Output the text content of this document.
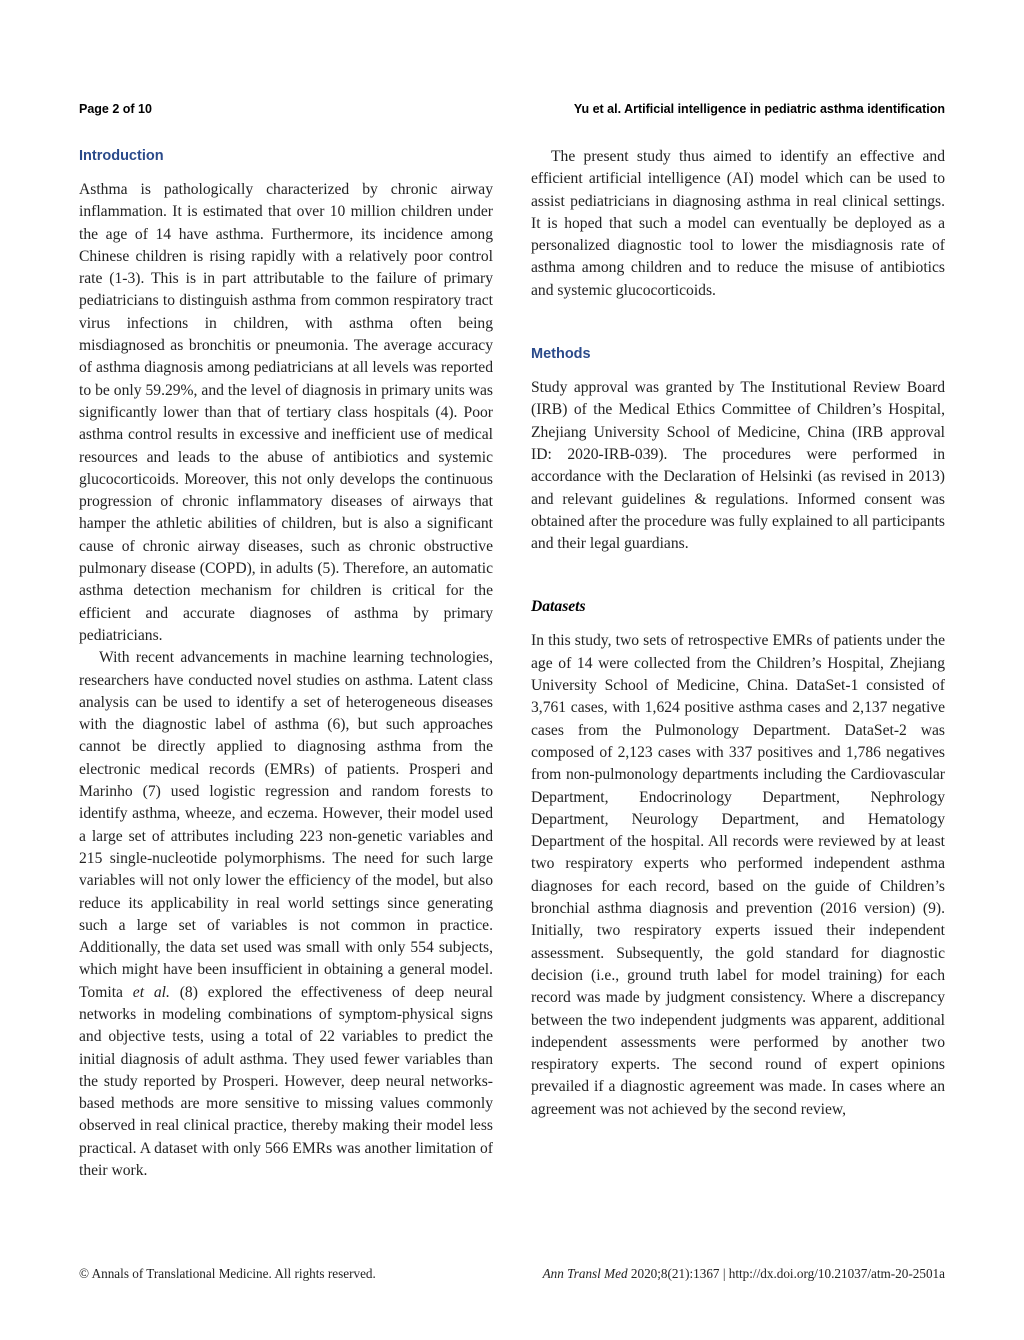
Page 2 of 10	Yu et al. Artificial intelligence in pediatric asthma identification
Introduction

Asthma is pathologically characterized by chronic airway inflammation. It is estimated that over 10 million children under the age of 14 have asthma. Furthermore, its incidence among Chinese children is rising rapidly with a relatively poor control rate (1-3). This is in part attributable to the failure of primary pediatricians to distinguish asthma from common respiratory tract virus infections in children, with asthma often being misdiagnosed as bronchitis or pneumonia. The average accuracy of asthma diagnosis among pediatricians at all levels was reported to be only 59.29%, and the level of diagnosis in primary units was significantly lower than that of tertiary class hospitals (4). Poor asthma control results in excessive and inefficient use of medical resources and leads to the abuse of antibiotics and systemic glucocorticoids. Moreover, this not only develops the continuous progression of chronic inflammatory diseases of airways that hamper the athletic abilities of children, but is also a significant cause of chronic airway diseases, such as chronic obstructive pulmonary disease (COPD), in adults (5). Therefore, an automatic asthma detection mechanism for children is critical for the efficient and accurate diagnoses of asthma by primary pediatricians.

With recent advancements in machine learning technologies, researchers have conducted novel studies on asthma. Latent class analysis can be used to identify a set of heterogeneous diseases with the diagnostic label of asthma (6), but such approaches cannot be directly applied to diagnosing asthma from the electronic medical records (EMRs) of patients. Prosperi and Marinho (7) used logistic regression and random forests to identify asthma, wheeze, and eczema. However, their model used a large set of attributes including 223 non-genetic variables and 215 single-nucleotide polymorphisms. The need for such large variables will not only lower the efficiency of the model, but also reduce its applicability in real world settings since generating such a large set of variables is not common in practice. Additionally, the data set used was small with only 554 subjects, which might have been insufficient in obtaining a general model. Tomita et al. (8) explored the effectiveness of deep neural networks in modeling combinations of symptom-physical signs and objective tests, using a total of 22 variables to predict the initial diagnosis of adult asthma. They used fewer variables than the study reported by Prosperi. However, deep neural networks-based methods are more sensitive to missing values commonly observed in real clinical practice, thereby making their model less practical. A dataset with only 566 EMRs was another limitation of their work.

The present study thus aimed to identify an effective and efficient artificial intelligence (AI) model which can be used to assist pediatricians in diagnosing asthma in real clinical settings. It is hoped that such a model can eventually be deployed as a personalized diagnostic tool to lower the misdiagnosis rate of asthma among children and to reduce the misuse of antibiotics and systemic glucocorticoids.

Methods

Study approval was granted by The Institutional Review Board (IRB) of the Medical Ethics Committee of Children’s Hospital, Zhejiang University School of Medicine, China (IRB approval ID: 2020-IRB-039). The procedures were performed in accordance with the Declaration of Helsinki (as revised in 2013) and relevant guidelines & regulations. Informed consent was obtained after the procedure was fully explained to all participants and their legal guardians.

Datasets

In this study, two sets of retrospective EMRs of patients under the age of 14 were collected from the Children’s Hospital, Zhejiang University School of Medicine, China. DataSet-1 consisted of 3,761 cases, with 1,624 positive asthma cases and 2,137 negative cases from the Pulmonology Department. DataSet-2 was composed of 2,123 cases with 337 positives and 1,786 negatives from non-pulmonology departments including the Cardiovascular Department, Endocrinology Department, Nephrology Department, Neurology Department, and Hematology Department of the hospital. All records were reviewed by at least two respiratory experts who performed independent asthma diagnoses for each record, based on the guide of Children’s bronchial asthma diagnosis and prevention (2016 version) (9). Initially, two respiratory experts issued their independent assessment. Subsequently, the gold standard for diagnostic decision (i.e., ground truth label for model training) for each record was made by judgment consistency. Where a discrepancy between the two independent judgments was apparent, additional independent assessments were performed by another two respiratory experts. The second round of expert opinions prevailed if a diagnostic agreement was made. In cases where an agreement was not achieved by the second review,

© Annals of Translational Medicine. All rights reserved.	Ann Transl Med 2020;8(21):1367 | http://dx.doi.org/10.21037/atm-20-2501a
